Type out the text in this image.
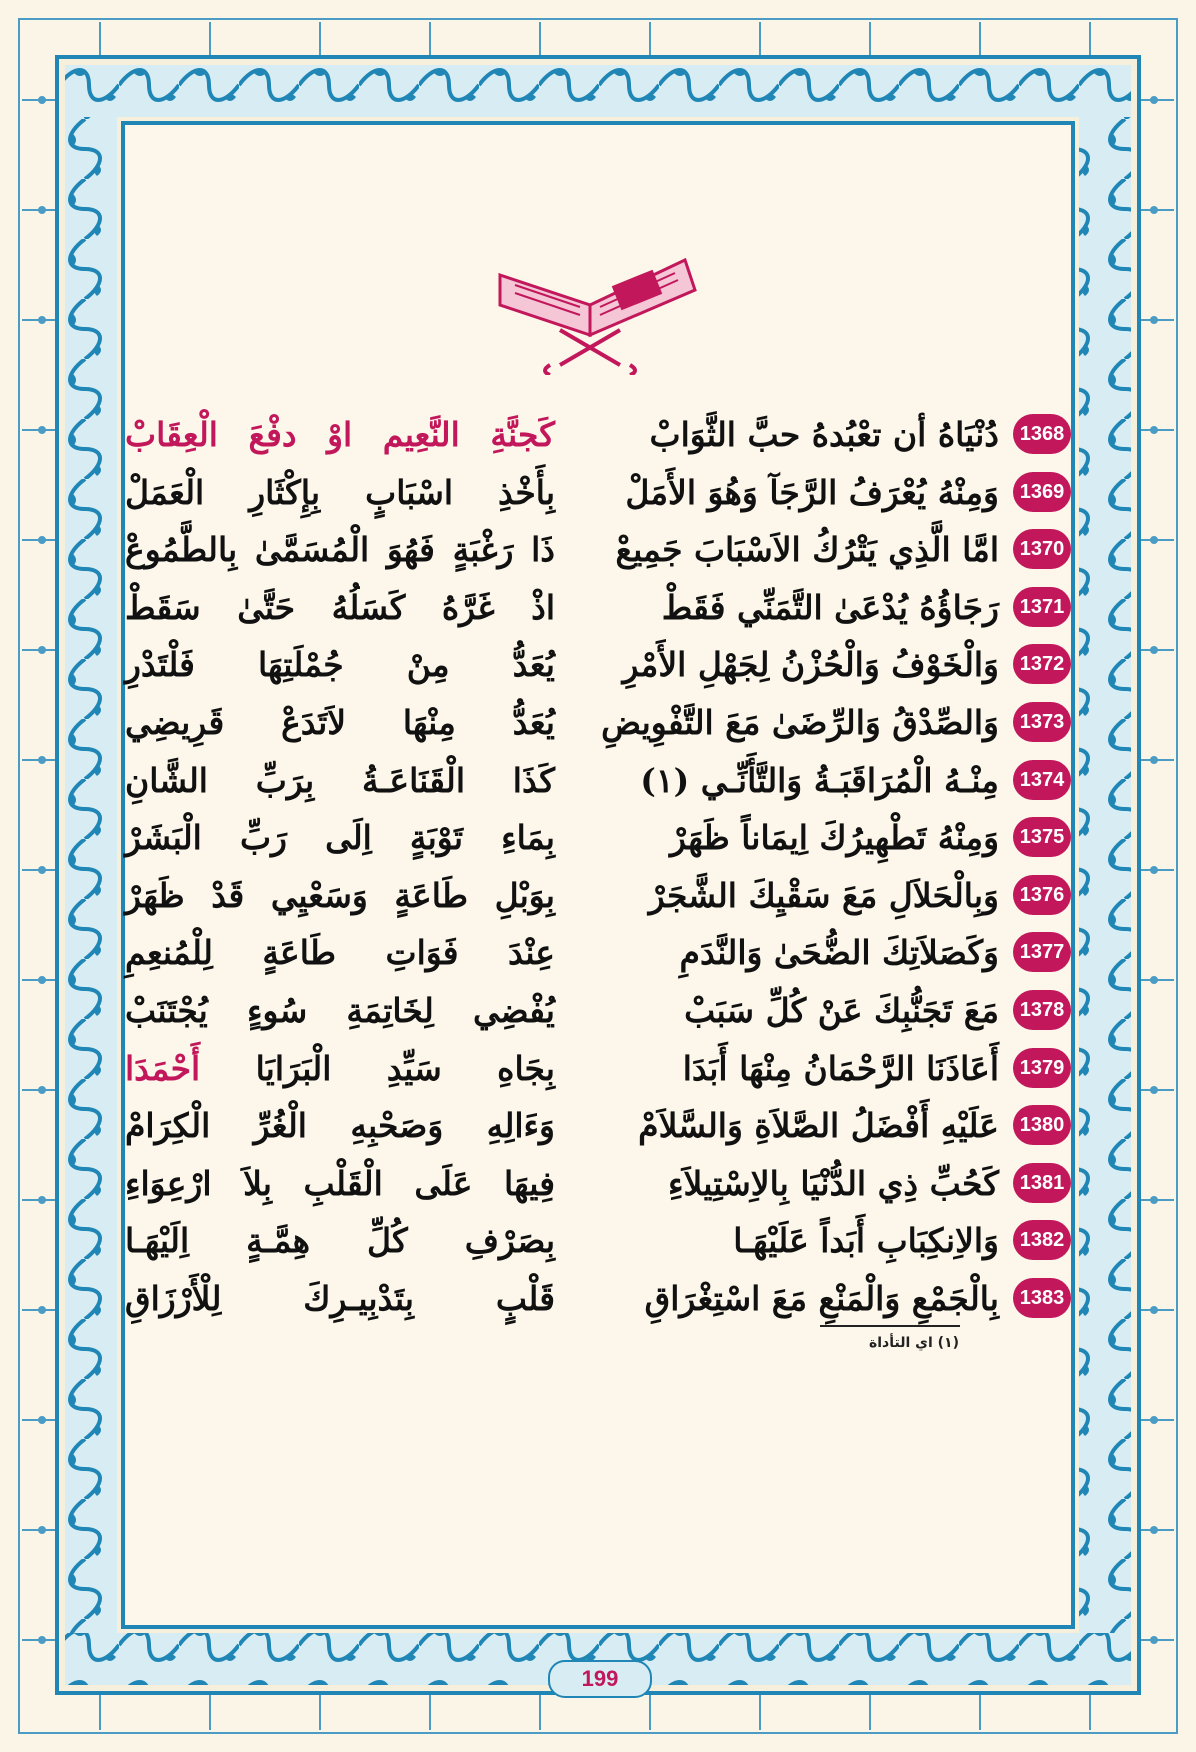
1368
دُنْيَاهُ أن تعْبُدهُ حبَّ الثَّوَابْ
كَجنَّةِ النَّعِيم اوْ دفْعَ الْعِقَابْ
1369
وَمِنْهُ يُعْرَفُ الرَّجَآ وَهُوَ الأَمَلْ
بِأَخْذِ اسْبَابٍ بِإِكْثَارِ الْعَمَلْ
1370
امَّا الَّذِي يَتْرُكُ الاَسْبَابَ جَمِيعْ
ذَا رَغْبَةٍ فَهُوَ الْمُسَمَّىٰ بِالطَّمُوعْ
1371
رَجَاؤُهُ يُدْعَىٰ التَّمَنِّي فَقَطْ
اذْ غَرَّهُ كَسَلُهُ حَتَّىٰ سَقَطْ
1372
وَالْخَوْفُ وَالْحُزْنُ لِجَهْلِ الأَمْرِ
يُعَدُّ مِنْ جُمْلَتِهَا فَلْتَدْرِ
1373
وَالصِّدْقُ وَالرِّضَىٰ مَعَ التَّفْوِيضِ
يُعَدُّ مِنْهَا لاَتَدَعْ قَرِيضِي
1374
مِنْـهُ الْمُرَاقَبَـةُ وَالتَّأَنِّـي (١)
كَذَا الْقَنَاعَـةُ بِرَبِّ الشَّانِ
1375
وَمِنْهُ تَطْهِيرُكَ اِيمَاناً ظَهَرْ
بِمَاءِ تَوْبَةٍ اِلَى رَبِّ الْبَشَرْ
1376
وَبِالْحَلاَلِ مَعَ سَقْيِكَ الشَّجَرْ
بِوَبْلِ طَاعَةٍ وَسَعْيِي قَدْ ظَهَرْ
1377
وَكَصَلاَتِكَ الضُّحَىٰ وَالنَّدَمِ
عِنْدَ فَوَاتِ طَاعَةٍ لِلْمُنعِمِ
1378
مَعَ تَجَنُّبِكَ عَنْ كُلِّ سَبَبْ
يُفْضِي لِخَاتِمَةِ سُوءٍ يُجْتَنَبْ
1379
أَعَاذَنَا الرَّحْمَانُ مِنْهَا أَبَدَا
بِجَاهِ سَيِّدِ الْبَرَايَا أَحْمَدَا
1380
عَلَيْهِ أَفْضَلُ الصَّلاَةِ وَالسَّلاَمْ
وَءَالِهِ وَصَحْبِهِ الْغُرِّ الْكِرَامْ
1381
كَحُبِّ ذِي الدُّنْيَا بِالاِسْتِيلاَءِ
فِيهَا عَلَى الْقَلْبِ بِلاَ ارْعِوَاءِ
1382
وَالاِنكِبَابِ أَبَداً عَلَيْهَـا
بِصَرْفِ كُلِّ هِمَّـةٍ اِلَيْهَـا
1383
بِالْجَمْعِ وَالْمَنْعِ مَعَ اسْتِغْرَاقِ
قَلْبٍ بِتَدْبِيـرِكَ لِلْأَرْزَاقِ
(١) اي التأداة
199
